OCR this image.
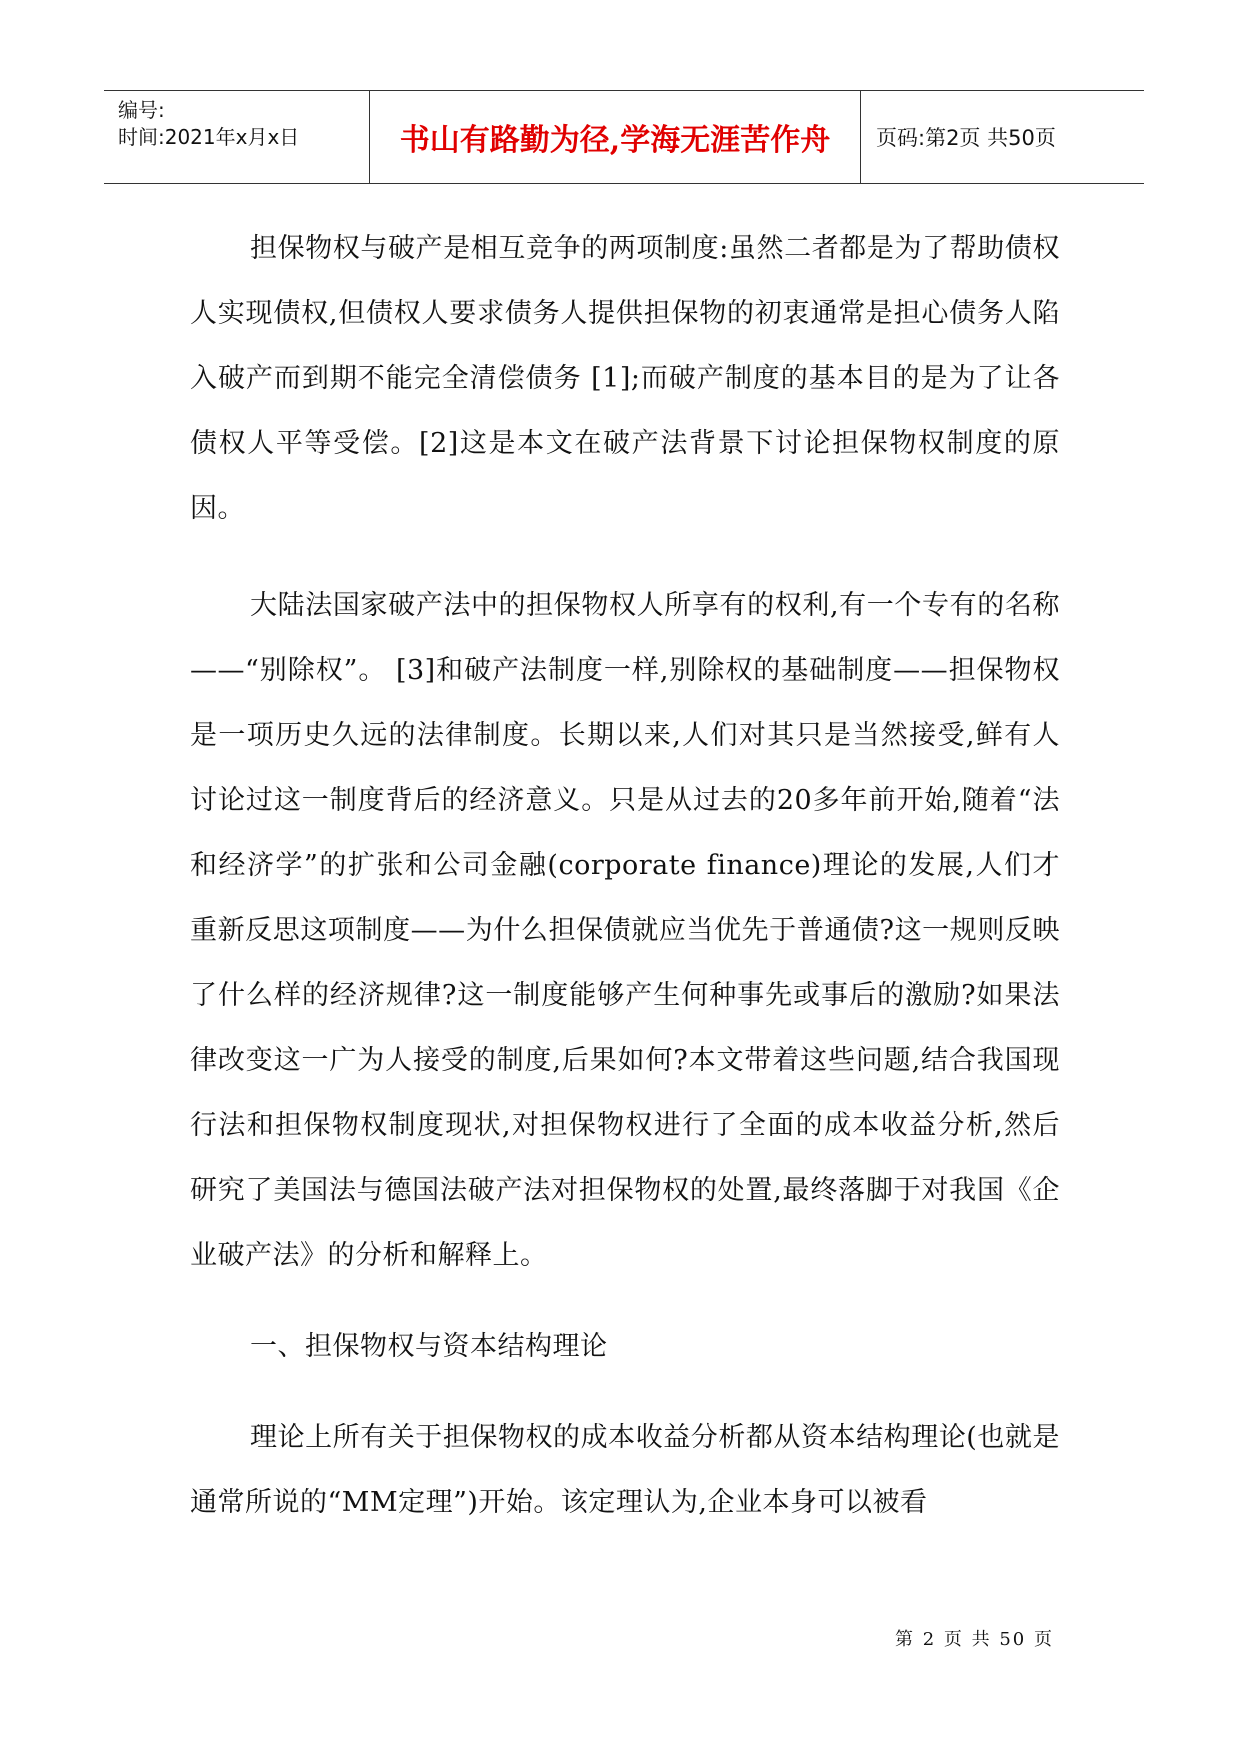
编号:
时间:2021年x月x日	书山有路勤为径,学海无涯苦作舟	页码:第2页 共50页

担保物权与破产是相互竞争的两项制度:虽然二者都是为了帮助债权人实现债权,但债权人要求债务人提供担保物的初衷通常是担心债务人陷入破产而到期不能完全清偿债务 [1];而破产制度的基本目的是为了让各债权人平等受偿。[2]这是本文在破产法背景下讨论担保物权制度的原因。

大陆法国家破产法中的担保物权人所享有的权利,有一个专有的名称——“别除权”。 [3]和破产法制度一样,别除权的基础制度——担保物权是一项历史久远的法律制度。长期以来,人们对其只是当然接受,鲜有人讨论过这一制度背后的经济意义。只是从过去的20多年前开始,随着“法和经济学”的扩张和公司金融(corporate finance)理论的发展,人们才重新反思这项制度——为什么担保债就应当优先于普通债?这一规则反映了什么样的经济规律?这一制度能够产生何种事先或事后的激励?如果法律改变这一广为人接受的制度,后果如何?本文带着这些问题,结合我国现行法和担保物权制度现状,对担保物权进行了全面的成本收益分析,然后研究了美国法与德国法破产法对担保物权的处置,最终落脚于对我国《企业破产法》的分析和解释上。

一、担保物权与资本结构理论

理论上所有关于担保物权的成本收益分析都从资本结构理论(也就是通常所说的“MM定理”)开始。该定理认为,企业本身可以被看

第 2 页 共 50 页
